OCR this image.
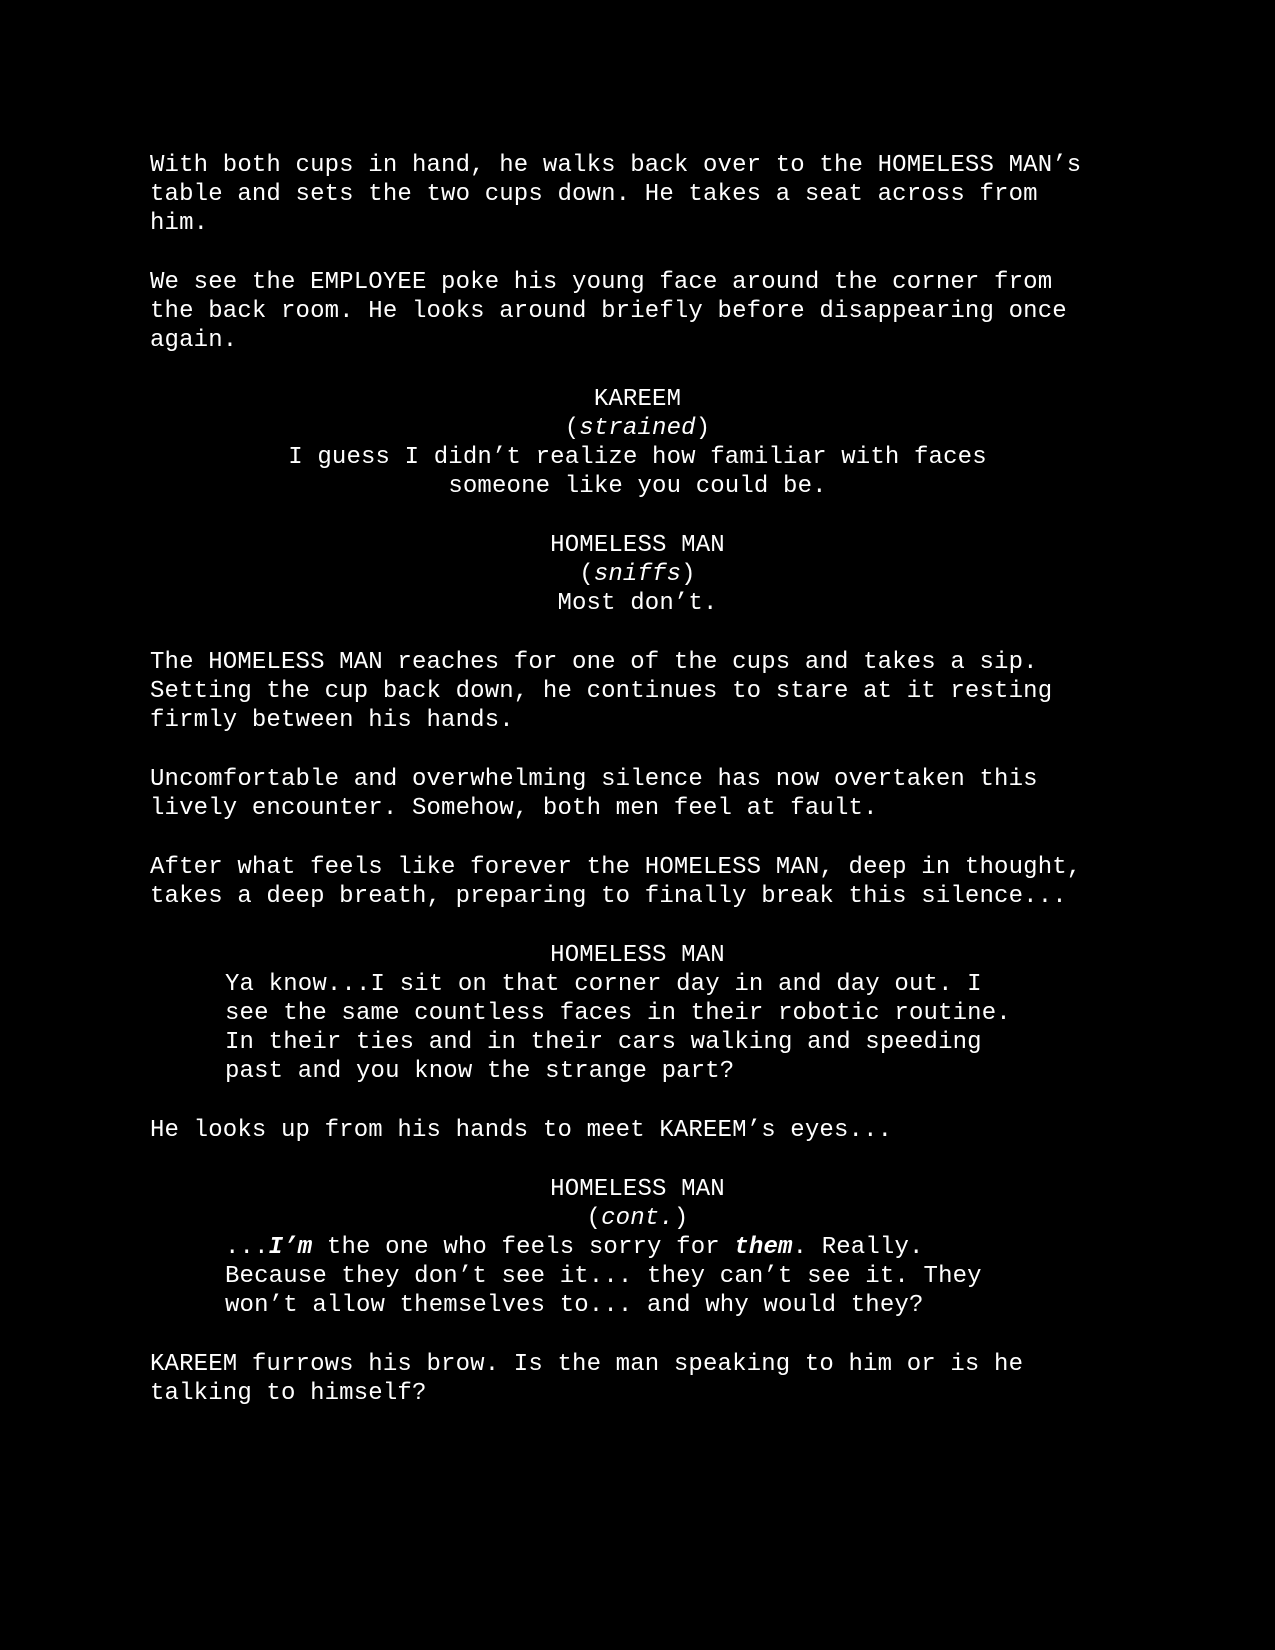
With both cups in hand, he walks back over to the HOMELESS MAN’s
table and sets the two cups down. He takes a seat across from
him.
We see the EMPLOYEE poke his young face around the corner from
the back room. He looks around briefly before disappearing once
again.
KAREEM
(strained)
I guess I didn’t realize how familiar with faces
someone like you could be.
HOMELESS MAN
(sniffs)
Most don’t.
The HOMELESS MAN reaches for one of the cups and takes a sip.
Setting the cup back down, he continues to stare at it resting
firmly between his hands.
Uncomfortable and overwhelming silence has now overtaken this
lively encounter. Somehow, both men feel at fault.
After what feels like forever the HOMELESS MAN, deep in thought,
takes a deep breath, preparing to finally break this silence...
HOMELESS MAN
Ya know...I sit on that corner day in and day out. I
see the same countless faces in their robotic routine.
In their ties and in their cars walking and speeding
past and you know the strange part?
He looks up from his hands to meet KAREEM’s eyes...
HOMELESS MAN
(cont.)
...I’m the one who feels sorry for them. Really.
Because they don’t see it... they can’t see it. They
won’t allow themselves to... and why would they?
KAREEM furrows his brow. Is the man speaking to him or is he
talking to himself?
